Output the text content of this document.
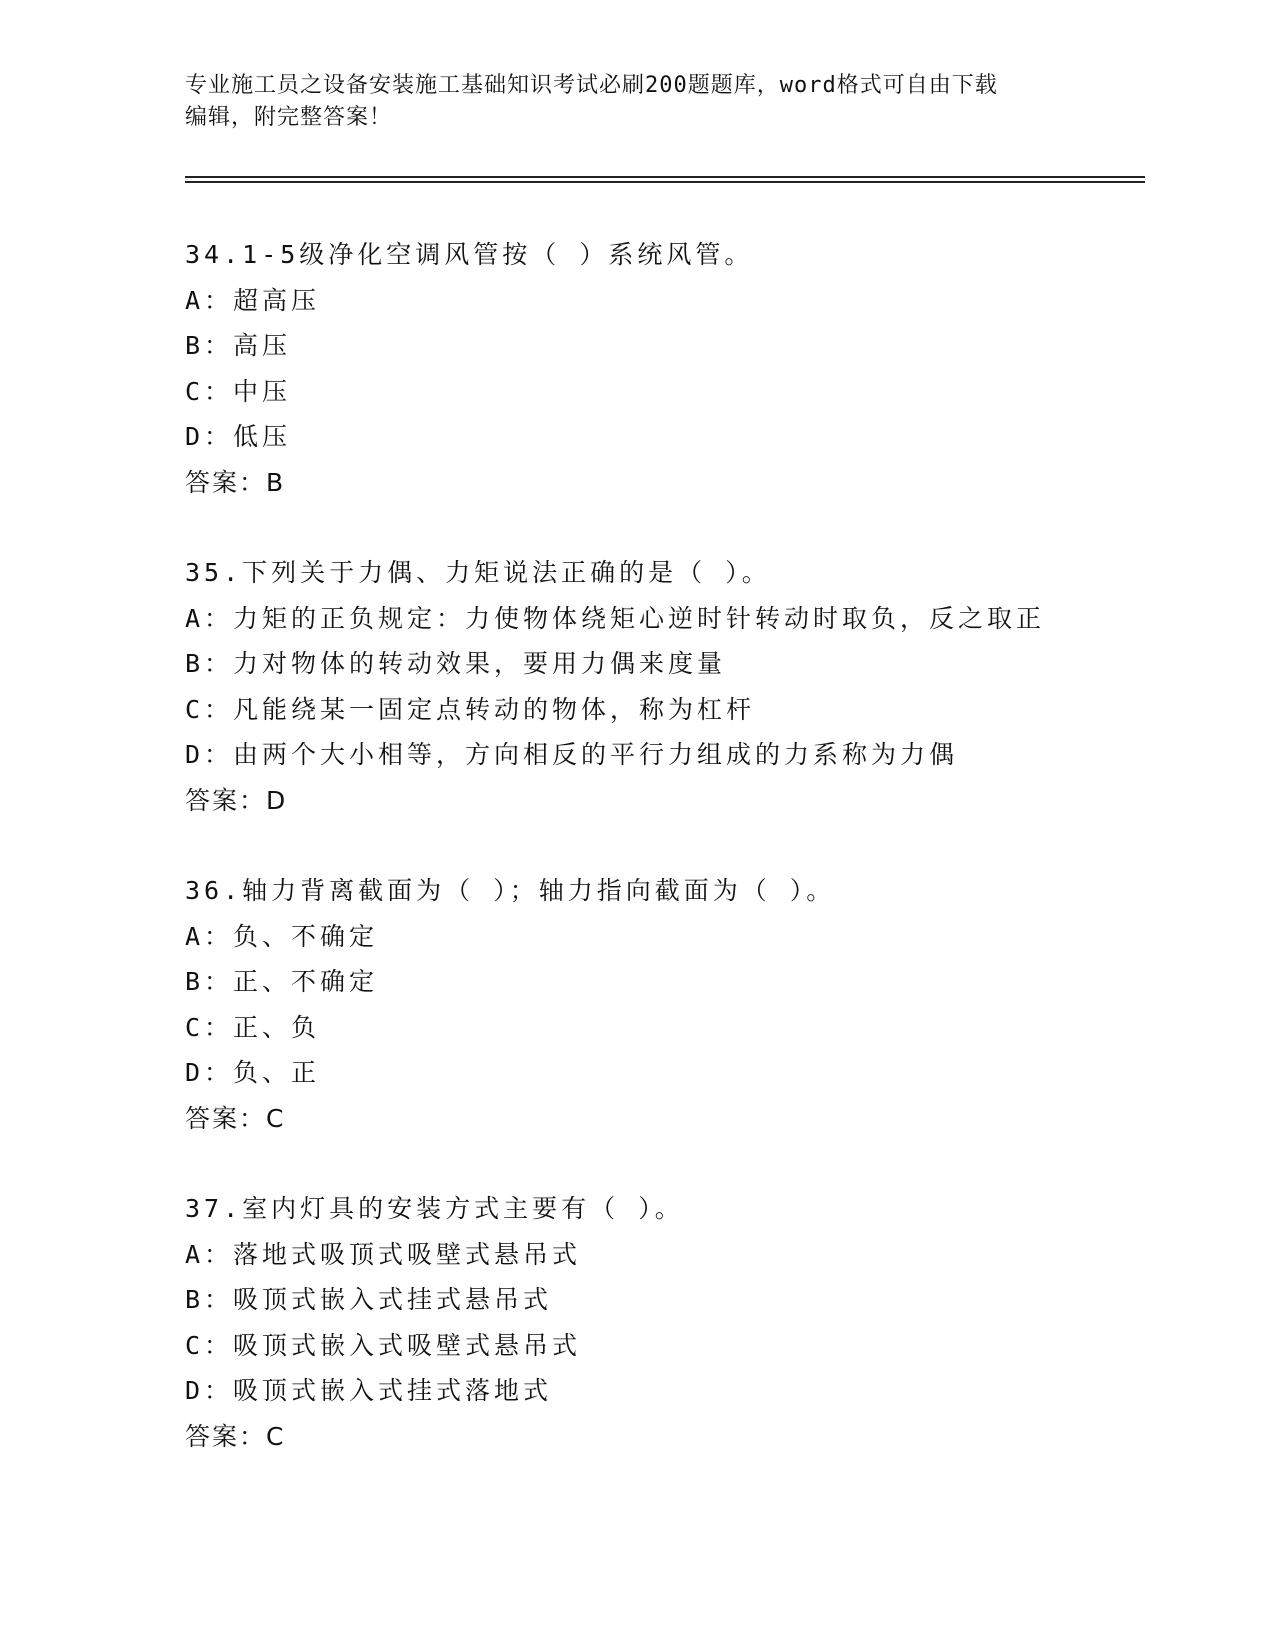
专业施工员之设备安装施工基础知识考试必刷200题题库，word格式可自由下载
编辑，附完整答案！
34.1-5级净化空调风管按（ ）系统风管。
A：超高压
B：高压
C：中压
D：低压
答案：B
35.下列关于力偶、力矩说法正确的是（ ）。
A：力矩的正负规定：力使物体绕矩心逆时针转动时取负，反之取正
B：力对物体的转动效果，要用力偶来度量
C：凡能绕某一固定点转动的物体，称为杠杆
D：由两个大小相等，方向相反的平行力组成的力系称为力偶
答案：D
36.轴力背离截面为（ ）；轴力指向截面为（ ）。
A：负、不确定
B：正、不确定
C：正、负
D：负、正
答案：C
37.室内灯具的安装方式主要有（ ）。
A：落地式吸顶式吸壁式悬吊式
B：吸顶式嵌入式挂式悬吊式
C：吸顶式嵌入式吸壁式悬吊式
D：吸顶式嵌入式挂式落地式
答案：C
